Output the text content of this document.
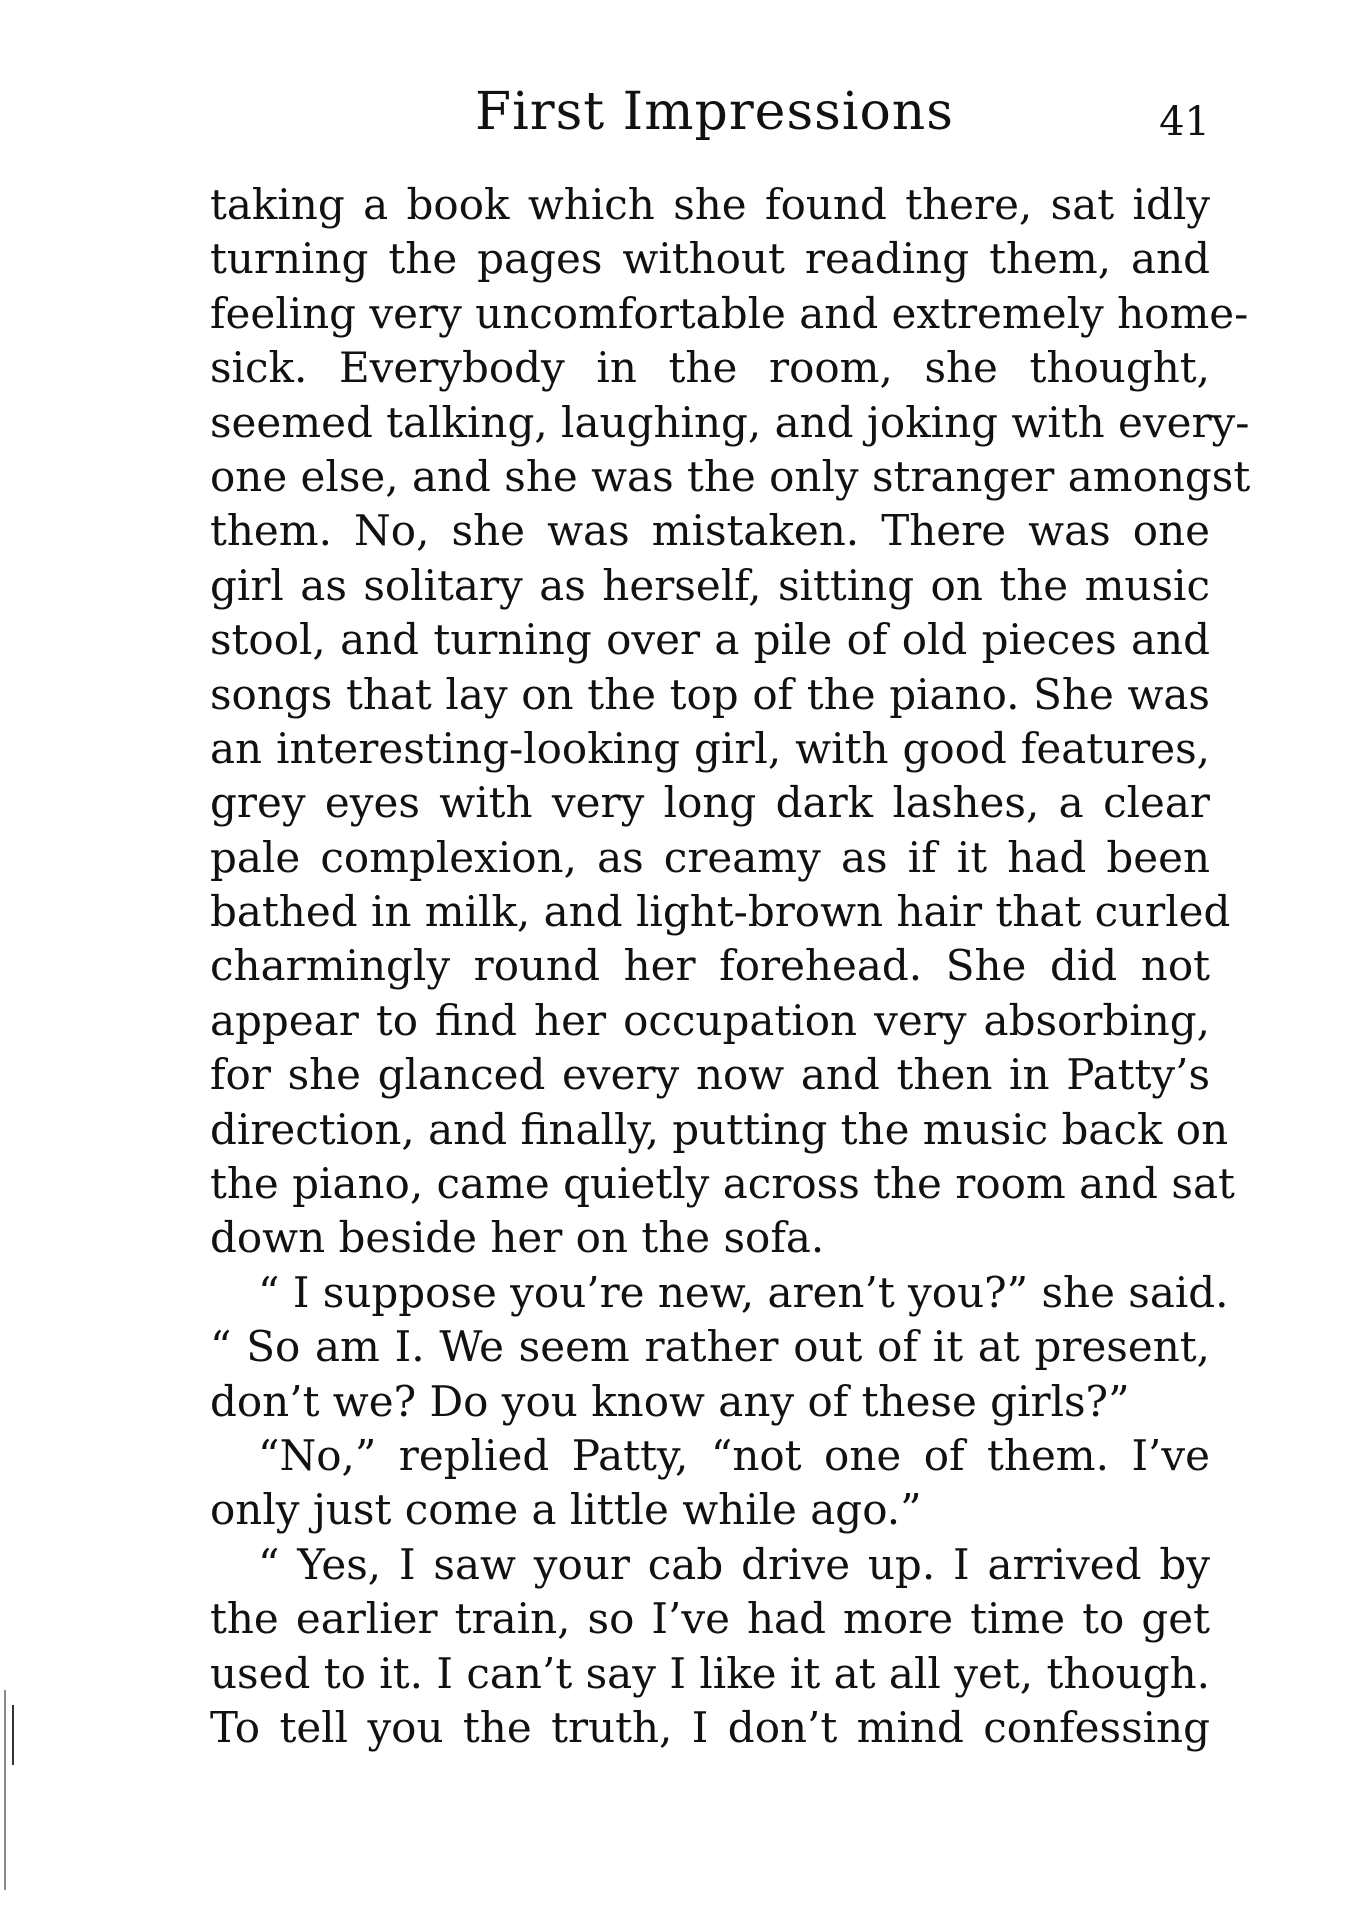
First Impressions	41
taking a book which she found there, sat idly
turning the pages without reading them, and
feeling very uncomfortable and extremely home-
sick. Everybody in the room, she thought,
seemed talking, laughing, and joking with every-
one else, and she was the only stranger amongst
them. No, she was mistaken. There was one
girl as solitary as herself, sitting on the music
stool, and turning over a pile of old pieces and
songs that lay on the top of the piano. She was
an interesting-looking girl, with good features,
grey eyes with very long dark lashes, a clear
pale complexion, as creamy as if it had been
bathed in milk, and light-brown hair that curled
charmingly round her forehead. She did not
appear to find her occupation very absorbing,
for she glanced every now and then in Patty’s
direction, and finally, putting the music back on
the piano, came quietly across the room and sat
down beside her on the sofa.
“ I suppose you’re new, aren’t you?” she said.
“ So am I. We seem rather out of it at present,
don’t we? Do you know any of these girls?”
“No,” replied Patty, “not one of them. I’ve
only just come a little while ago.”
“ Yes, I saw your cab drive up. I arrived by
the earlier train, so I’ve had more time to get
used to it. I can’t say I like it at all yet, though.
To tell you the truth, I don’t mind confessing
